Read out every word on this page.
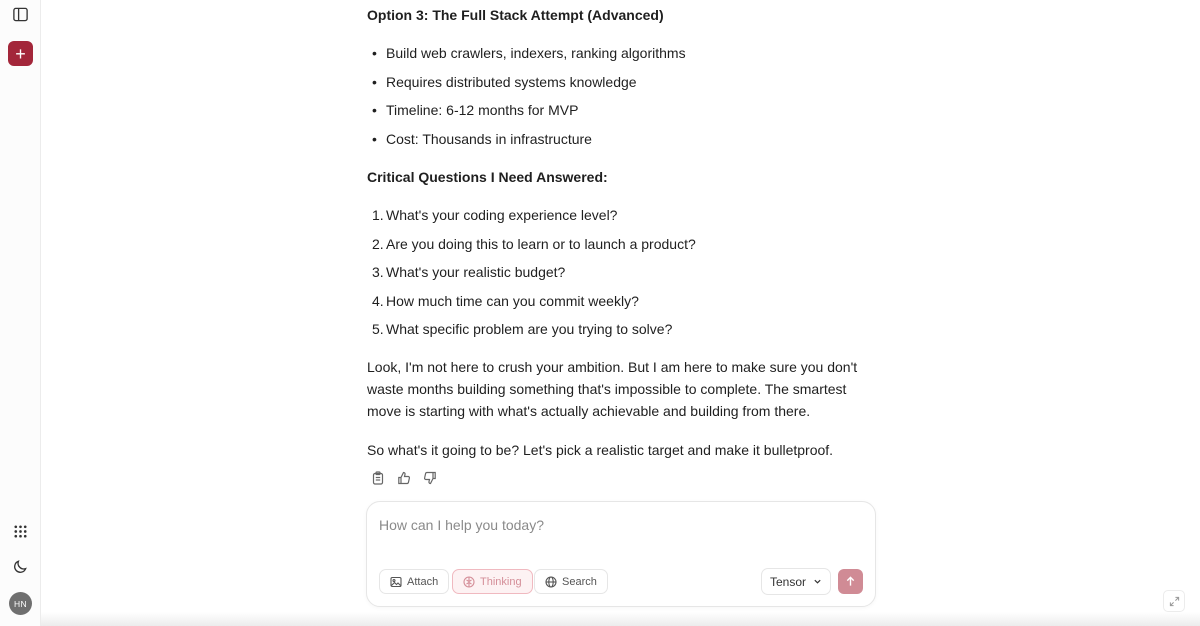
+
HN
Option 3: The Full Stack Attempt (Advanced)
• Build web crawlers, indexers, ranking algorithms
• Requires distributed systems knowledge
• Timeline: 6-12 months for MVP
• Cost: Thousands in infrastructure
Critical Questions I Need Answered:
1. What's your coding experience level?
2. Are you doing this to learn or to launch a product?
3. What's your realistic budget?
4. How much time can you commit weekly?
5. What specific problem are you trying to solve?
Look, I'm not here to crush your ambition. But I am here to make sure you don't waste months building something that's impossible to complete. The smartest move is starting with what's actually achievable and building from there.
So what's it going to be? Let's pick a realistic target and make it bulletproof.
How can I help you today?
Attach	Thinking	Search	Tensor
